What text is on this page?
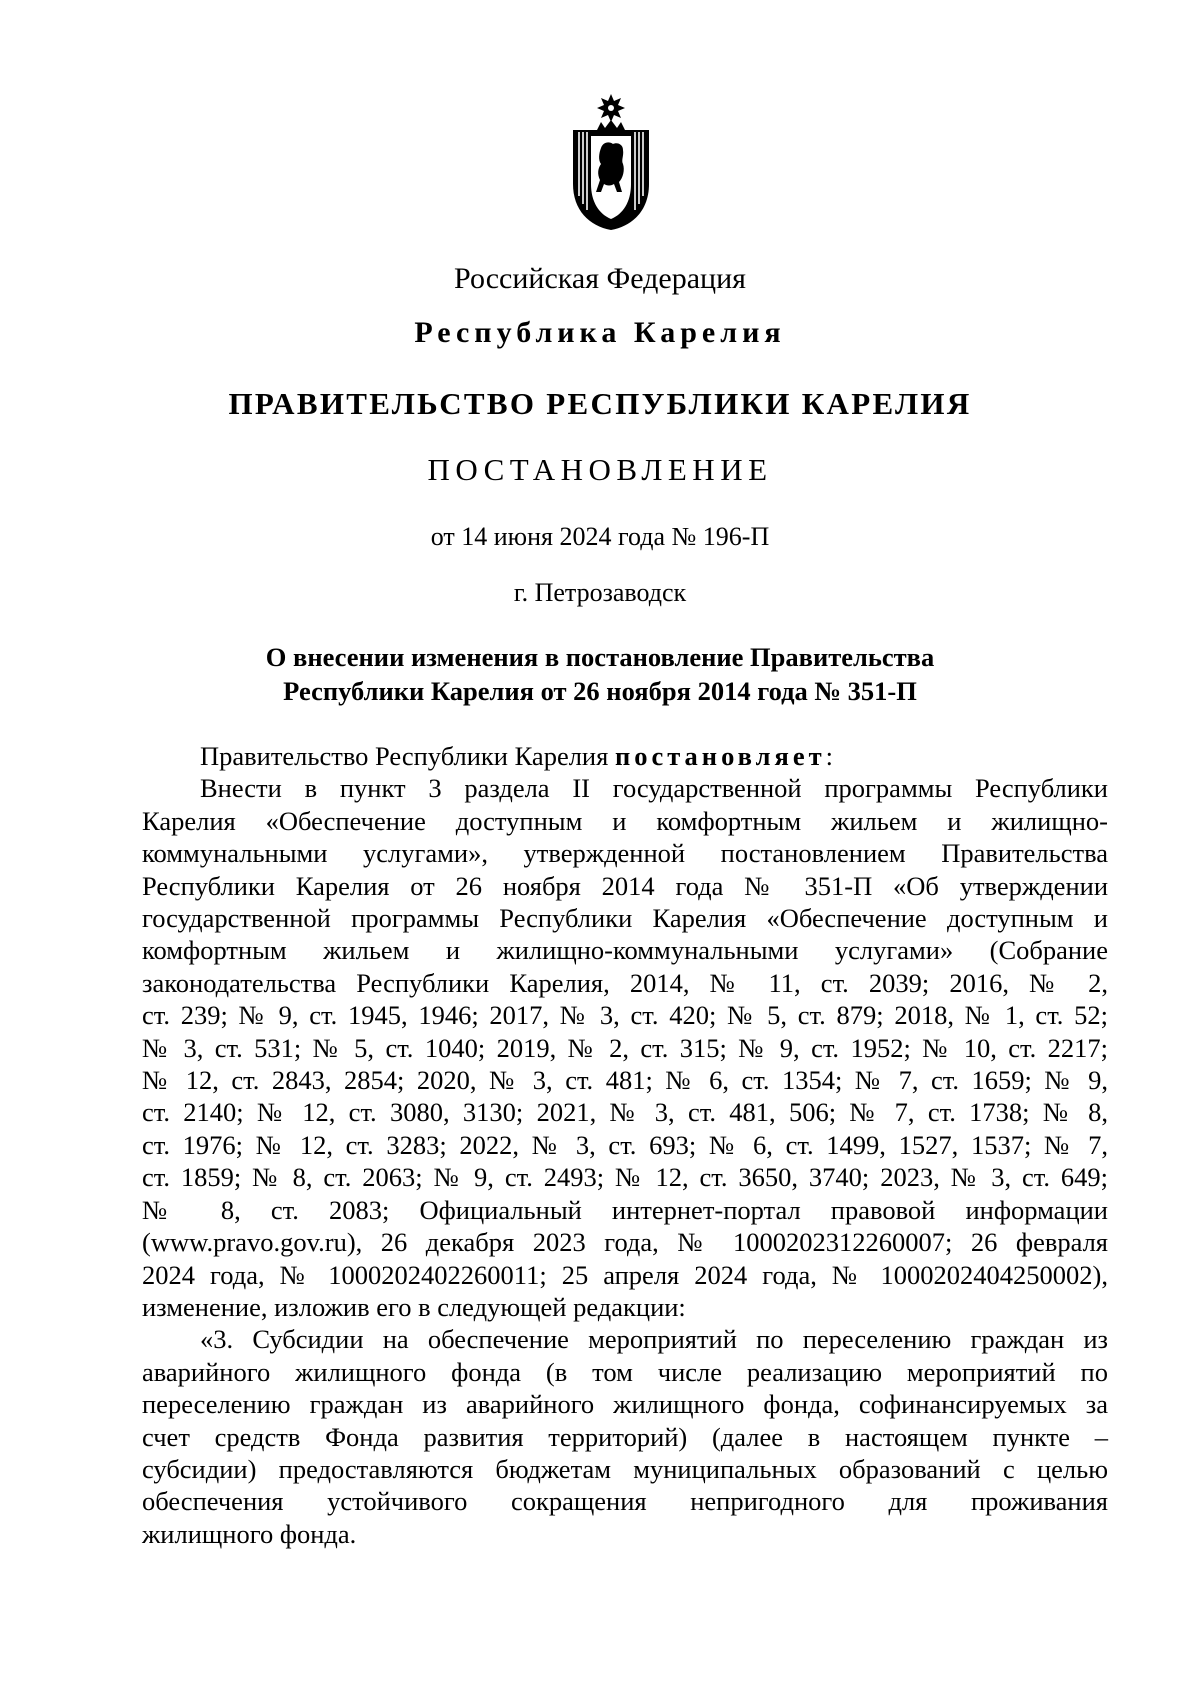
Российская Федерация
Республика Карелия
ПРАВИТЕЛЬСТВО РЕСПУБЛИКИ КАРЕЛИЯ
ПОСТАНОВЛЕНИЕ
от 14 июня 2024 года № 196-П
г. Петрозаводск
О внесении изменения в постановление Правительства
Республики Карелия от 26 ноября 2014 года № 351-П
Правительство Республики Карелия постановляет:
Внести в пункт 3 раздела II государственной программы Республики
Карелия «Обеспечение доступным и комфортным жильем и жилищно-
коммунальными услугами», утвержденной постановлением Правительства
Республики Карелия от 26 ноября 2014 года № 351-П «Об утверждении
государственной программы Республики Карелия «Обеспечение доступным и
комфортным жильем и жилищно-коммунальными услугами» (Собрание
законодательства Республики Карелия, 2014, № 11, ст. 2039; 2016, № 2,
ст. 239; № 9, ст. 1945, 1946; 2017, № 3, ст. 420; № 5, ст. 879; 2018, № 1, ст. 52;
№ 3, ст. 531; № 5, ст. 1040; 2019, № 2, ст. 315; № 9, ст. 1952; № 10, ст. 2217;
№ 12, ст. 2843, 2854; 2020, № 3, ст. 481; № 6, ст. 1354; № 7, ст. 1659; № 9,
ст. 2140; № 12, ст. 3080, 3130; 2021, № 3, ст. 481, 506; № 7, ст. 1738; № 8,
ст. 1976; № 12, ст. 3283; 2022, № 3, ст. 693; № 6, ст. 1499, 1527, 1537; № 7,
ст. 1859; № 8, ст. 2063; № 9, ст. 2493; № 12, ст. 3650, 3740; 2023, № 3, ст. 649;
№ 8, ст. 2083; Официальный интернет-портал правовой информации
(www.pravo.gov.ru), 26 декабря 2023 года, № 1000202312260007; 26 февраля
2024 года, № 1000202402260011; 25 апреля 2024 года, № 1000202404250002),
изменение, изложив его в следующей редакции:
«3. Субсидии на обеспечение мероприятий по переселению граждан из
аварийного жилищного фонда (в том числе реализацию мероприятий по
переселению граждан из аварийного жилищного фонда, софинансируемых за
счет средств Фонда развития территорий) (далее в настоящем пункте –
субсидии) предоставляются бюджетам муниципальных образований с целью
обеспечения устойчивого сокращения непригодного для проживания
жилищного фонда.
